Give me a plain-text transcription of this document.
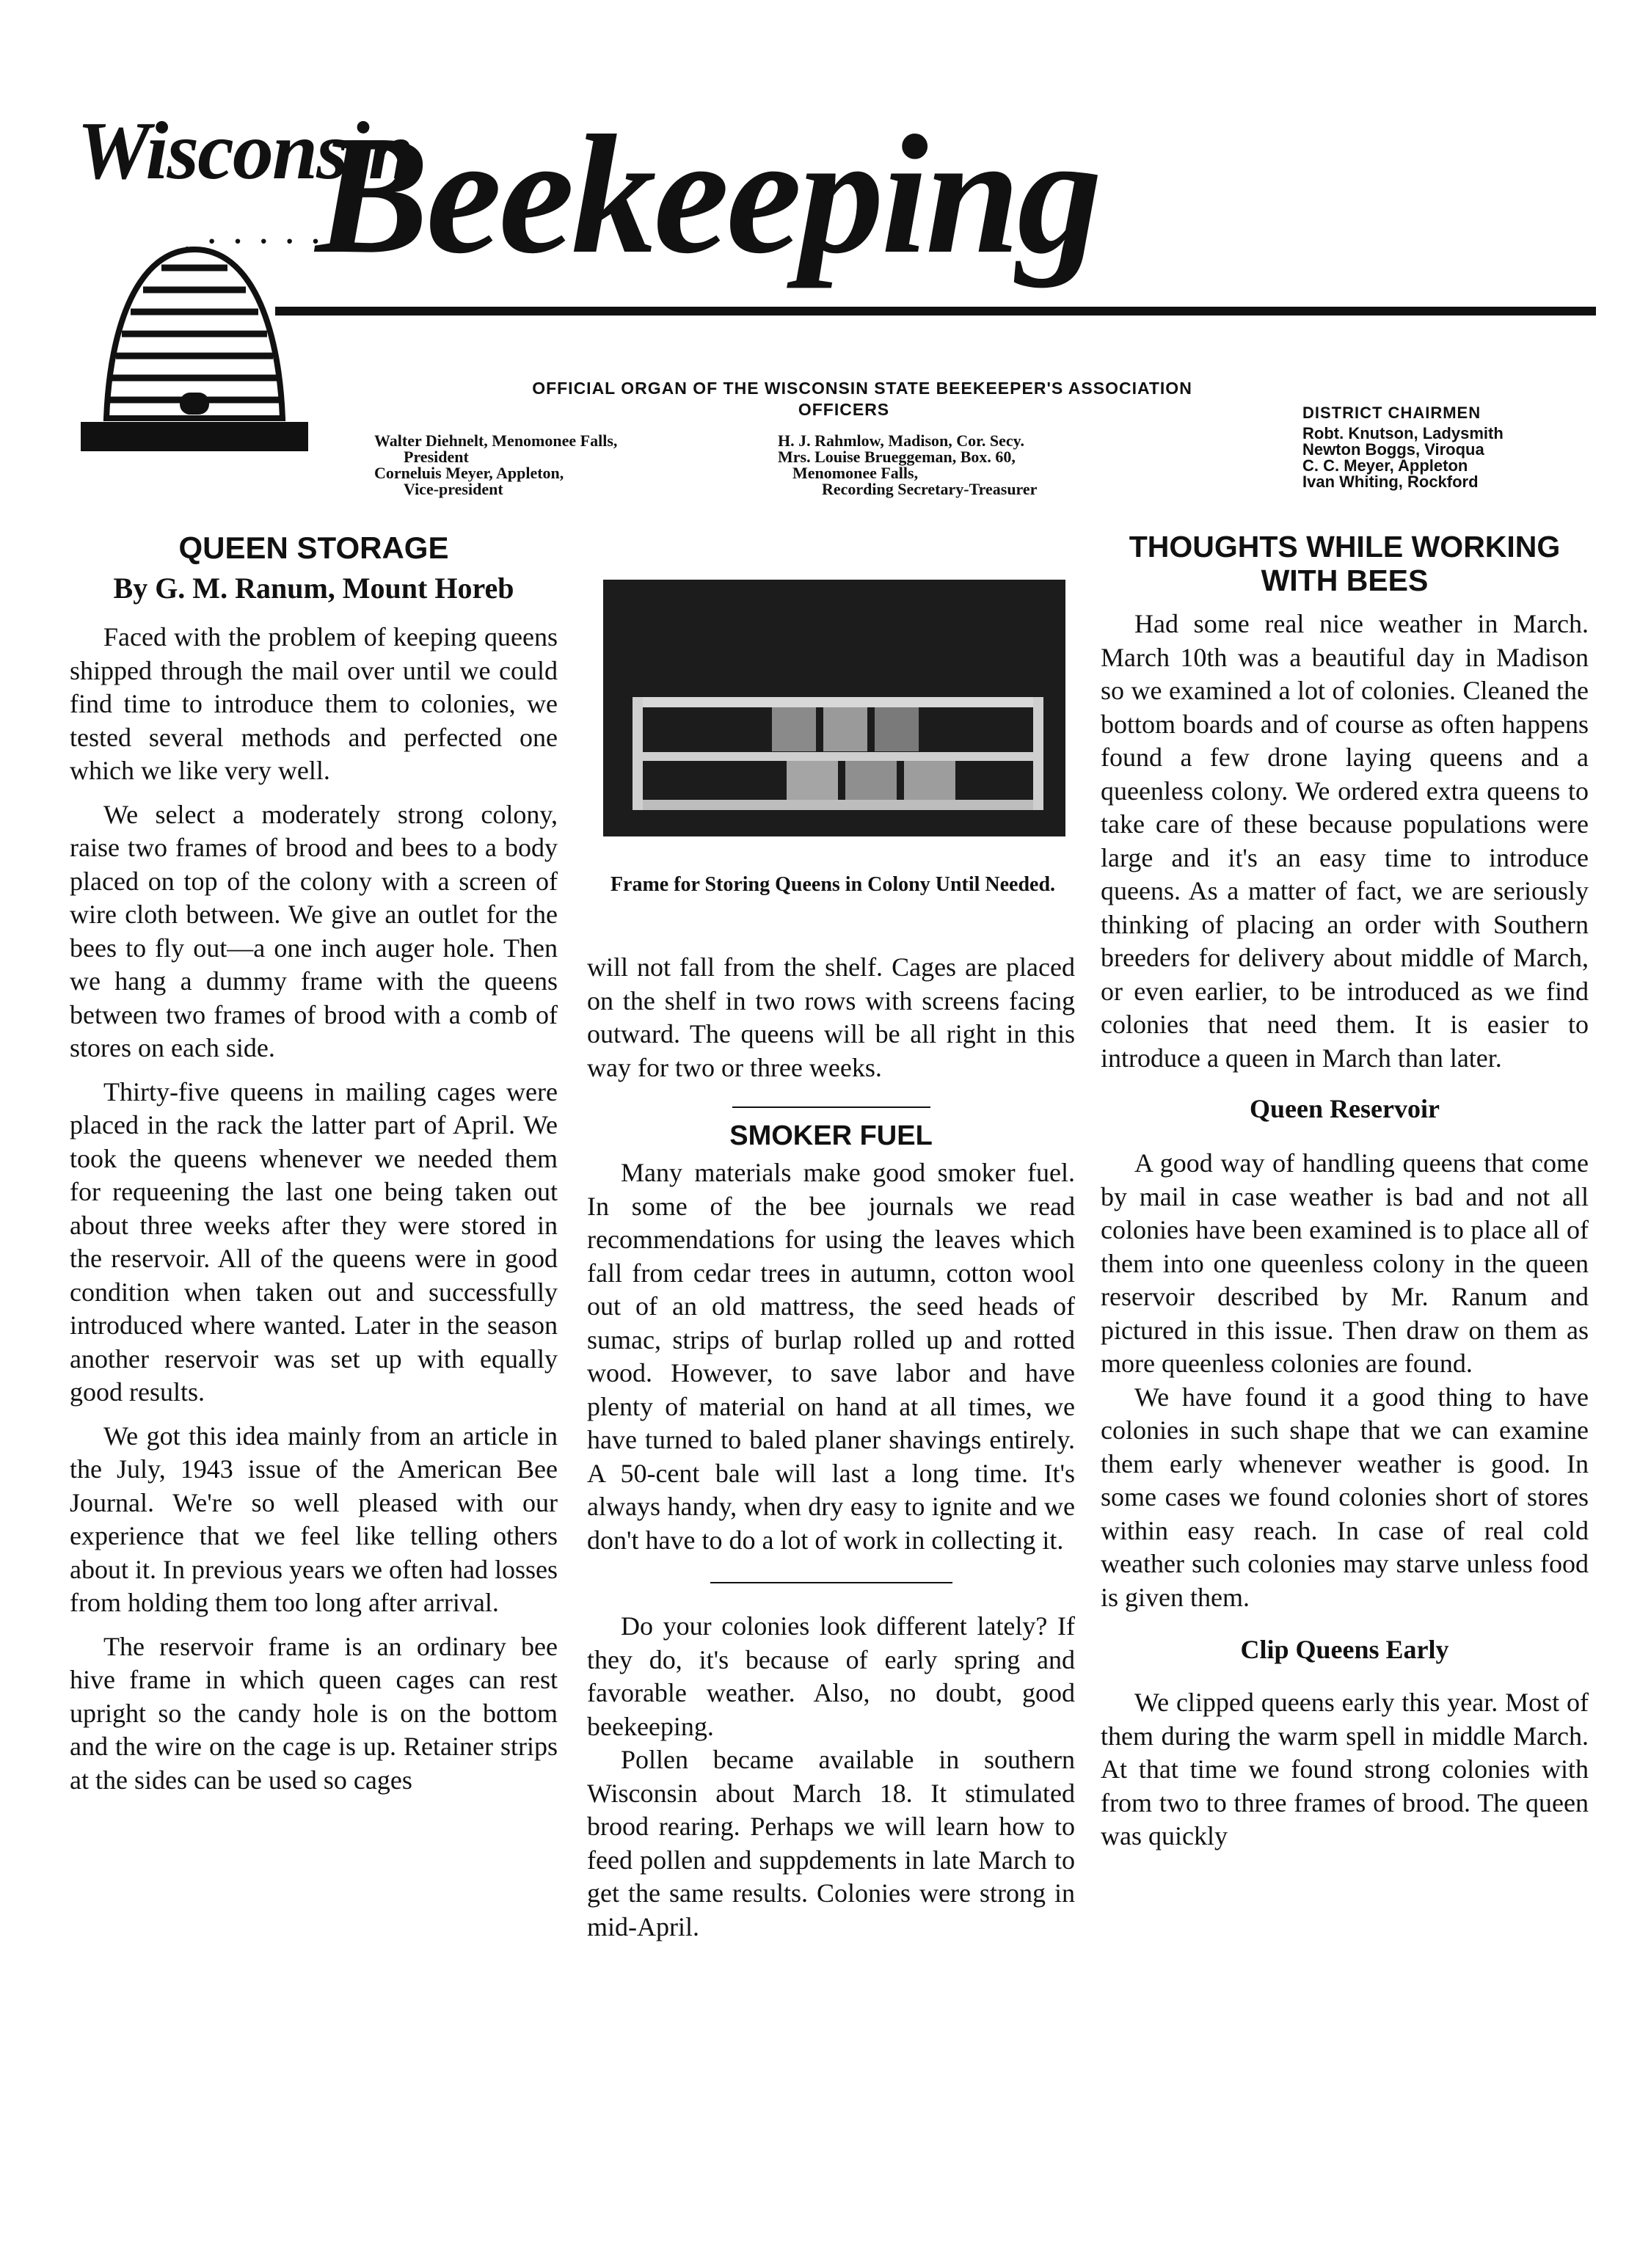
. · · · · ·
Wisconsin
Beekeeping
OFFICIAL ORGAN OF THE WISCONSIN STATE BEEKEEPER'S ASSOCIATION
OFFICERS
Walter Diehnelt, Menomonee Falls,
President
Corneluis Meyer, Appleton,
Vice-president
H. J. Rahmlow, Madison, Cor. Secy.
Mrs. Louise Brueggeman, Box. 60,
Menomonee Falls,
Recording Secretary-Treasurer
DISTRICT CHAIRMEN
Robt. Knutson, Ladysmith
Newton Boggs, Viroqua
C. C. Meyer, Appleton
Ivan Whiting, Rockford
QUEEN STORAGE
By G. M. Ranum, Mount Horeb

Faced with the problem of keeping queens shipped through the mail over until we could find time to introduce them to colonies, we tested several methods and perfected one which we like very well.

We select a moderately strong colony, raise two frames of brood and bees to a body placed on top of the colony with a screen of wire cloth between. We give an outlet for the bees to fly out—a one inch auger hole. Then we hang a dummy frame with the queens between two frames of brood with a comb of stores on each side.

Thirty-five queens in mailing cages were placed in the rack the latter part of April. We took the queens whenever we needed them for requeening the last one being taken out about three weeks after they were stored in the reservoir. All of the queens were in good condition when taken out and successfully introduced where wanted. Later in the season another reservoir was set up with equally good results.

We got this idea mainly from an article in the July, 1943 issue of the American Bee Journal. We're so well pleased with our experience that we feel like telling others about it. In previous years we often had losses from holding them too long after arrival.

The reservoir frame is an ordinary bee hive frame in which queen cages can rest upright so the candy hole is on the bottom and the wire on the cage is up. Retainer strips at the sides can be used so cages

Frame for Storing Queens in Colony Until Needed.

will not fall from the shelf. Cages are placed on the shelf in two rows with screens facing outward. The queens will be all right in this way for two or three weeks.

SMOKER FUEL

Many materials make good smoker fuel. In some of the bee journals we read recommendations for using the leaves which fall from cedar trees in autumn, cotton wool out of an old mattress, the seed heads of sumac, strips of burlap rolled up and rotted wood. However, to save labor and have plenty of material on hand at all times, we have turned to baled planer shavings entirely. A 50-cent bale will last a long time. It's always handy, when dry easy to ignite and we don't have to do a lot of work in collecting it.

Do your colonies look different lately? If they do, it's because of early spring and favorable weather. Also, no doubt, good beekeeping.

Pollen became available in southern Wisconsin about March 18. It stimulated brood rearing. Perhaps we will learn how to feed pollen and suppdements in late March to get the same results. Colonies were strong in mid-April.

THOUGHTS WHILE WORKING WITH BEES

Had some real nice weather in March. March 10th was a beautiful day in Madison so we examined a lot of colonies. Cleaned the bottom boards and of course as often happens found a few drone laying queens and a queenless colony. We ordered extra queens to take care of these because populations were large and it's an easy time to introduce queens. As a matter of fact, we are seriously thinking of placing an order with Southern breeders for delivery about middle of March, or even earlier, to be introduced as we find colonies that need them. It is easier to introduce a queen in March than later.

Queen Reservoir

A good way of handling queens that come by mail in case weather is bad and not all colonies have been examined is to place all of them into one queenless colony in the queen reservoir described by Mr. Ranum and pictured in this issue. Then draw on them as more queenless colonies are found.

We have found it a good thing to have colonies in such shape that we can examine them early whenever weather is good. In some cases we found colonies short of stores within easy reach. In case of real cold weather such colonies may starve unless food is given them.

Clip Queens Early

We clipped queens early this year. Most of them during the warm spell in middle March. At that time we found strong colonies with from two to three frames of brood. The queen was quickly
